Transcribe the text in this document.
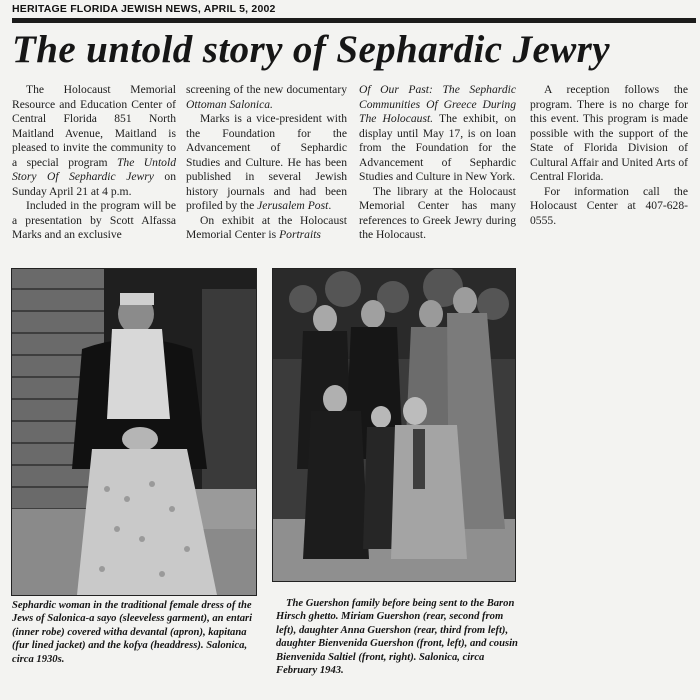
HERITAGE FLORIDA JEWISH NEWS, APRIL 5, 2002
The untold story of Sephardic Jewry

The Holocaust Memorial Resource and Education Center of Central Florida 851 North Maitland Avenue, Maitland is pleased to invite the community to a special program The Untold Story Of Sephardic Jewry on Sunday April 21 at 4 p.m.

Included in the program will be a presentation by Scott Alfassa Marks and an exclusive

screening of the new documentary Ottoman Salonica.

Marks is a vice-president with the Foundation for the Advancement of Sephardic Studies and Culture. He has been published in several Jewish history journals and had been profiled by the Jerusalem Post.

On exhibit at the Holocaust Memorial Center is Portraits

Of Our Past: The Sephardic Communities Of Greece During The Holocaust. The exhibit, on display until May 17, is on loan from the Foundation for the Advancement of Sephardic Studies and Culture in New York.

The library at the Holocaust Memorial Center has many references to Greek Jewry during the Holocaust.

A reception follows the program. There is no charge for this event. This program is made possible with the support of the State of Florida Division of Cultural Affair and United Arts of Central Florida.

For information call the Holocaust Center at 407-628-0555.

Sephardic woman in the traditional female dress of the Jews of Salonica-a sayo (sleeveless garment), an entari (inner robe) covered witha devantal (apron), kapitana (fur lined jacket) and the kofya (headdress). Salonica, circa 1930s.
The Guershon family before being sent to the Baron Hirsch ghetto. Miriam Guershon (rear, second from left), daughter Anna Guershon (rear, third from left), daughter Bienvenida Guershon (front, left), and cousin Bienvenida Saltiel (front, right). Salonica, circa February 1943.
